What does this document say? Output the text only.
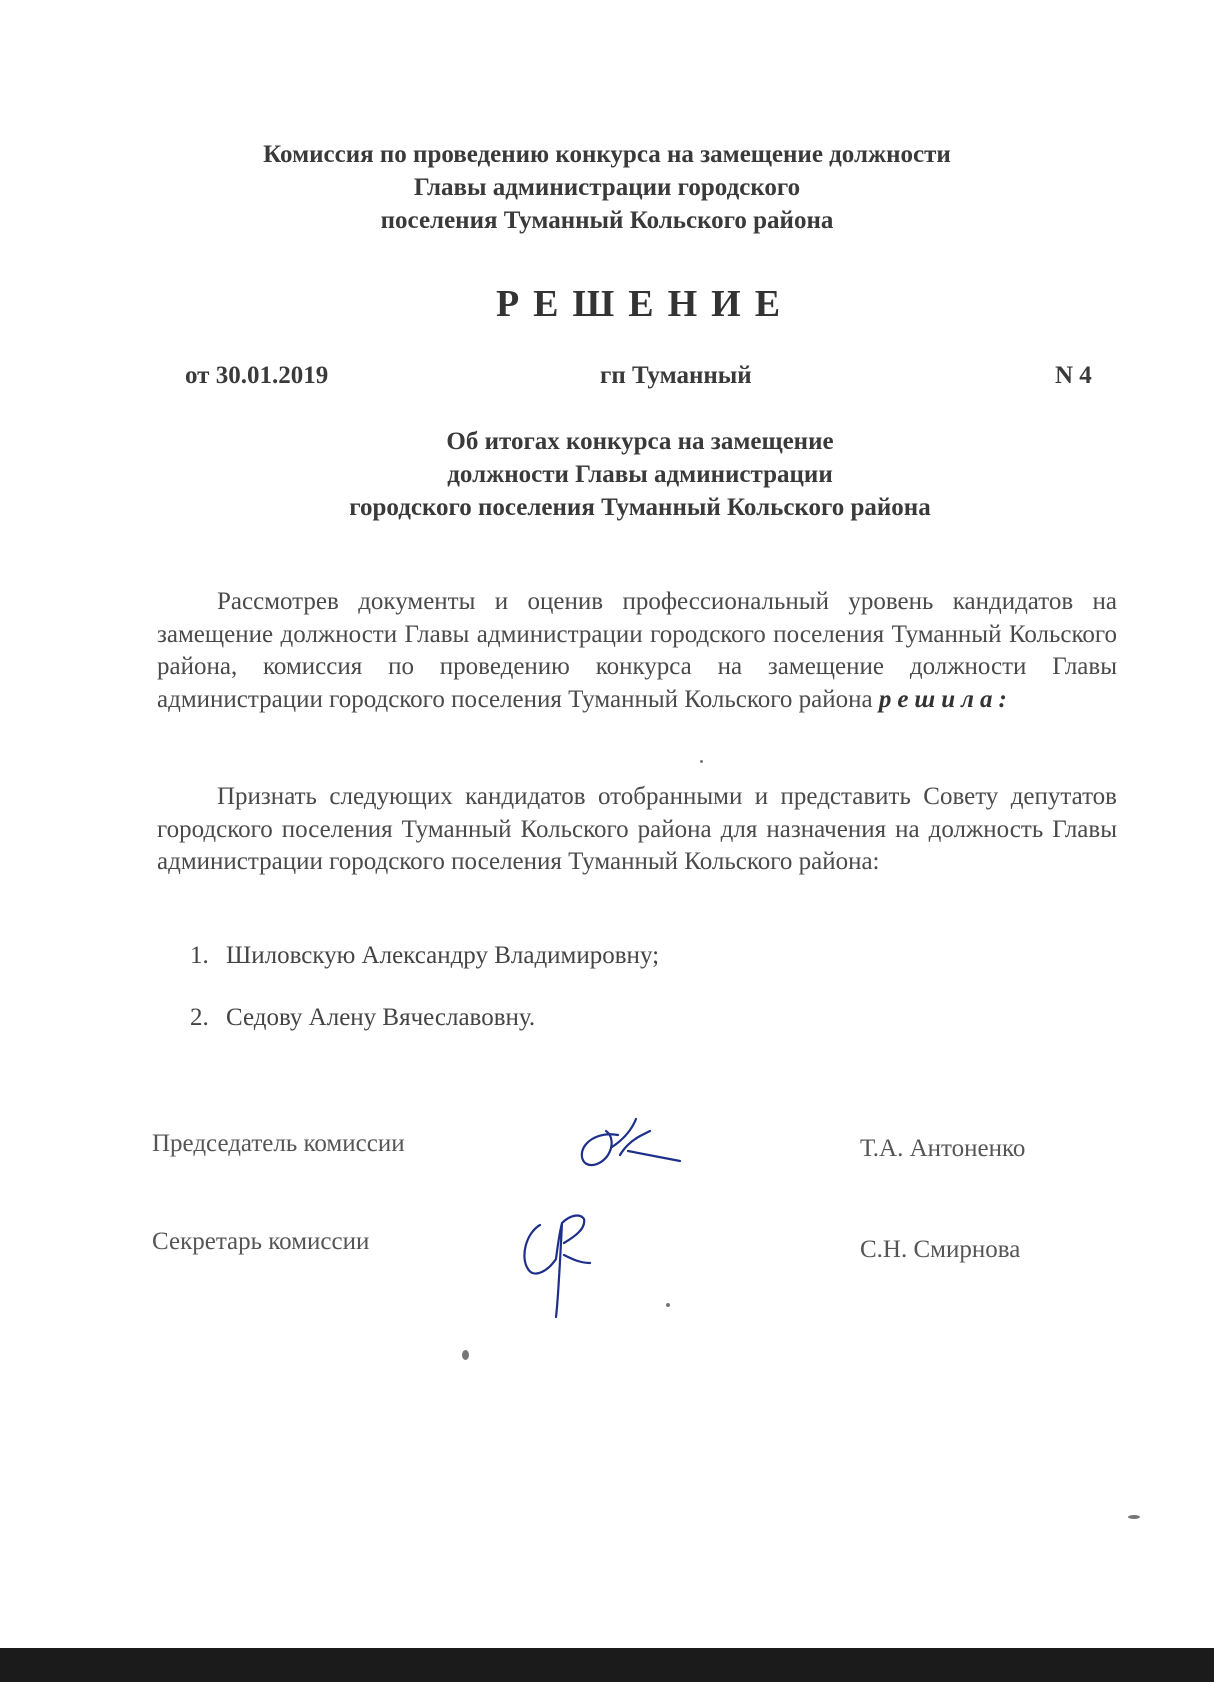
Комиссия по проведению конкурса на замещение должности
Главы администрации городского
поселения Туманный Кольского района
РЕШЕНИЕ
от 30.01.2019	гп Туманный	N 4
Об итогах конкурса на замещение
должности Главы администрации
городского поселения Туманный Кольского района
Рассмотрев документы и оценив профессиональный уровень кандидатов на замещение должности Главы администрации городского поселения Туманный Кольского района, комиссия по проведению конкурса на замещение должности Главы администрации городского поселения Туманный Кольского района решила:
Признать следующих кандидатов отобранными и представить Совету депутатов городского поселения Туманный Кольского района для назначения на должность Главы администрации городского поселения Туманный Кольского района:
1. Шиловскую Александру Владимировну;
2. Седову Алену Вячеславовну.
Председатель комиссии	Т.А. Антоненко
Секретарь комиссии	С.Н. Смирнова
